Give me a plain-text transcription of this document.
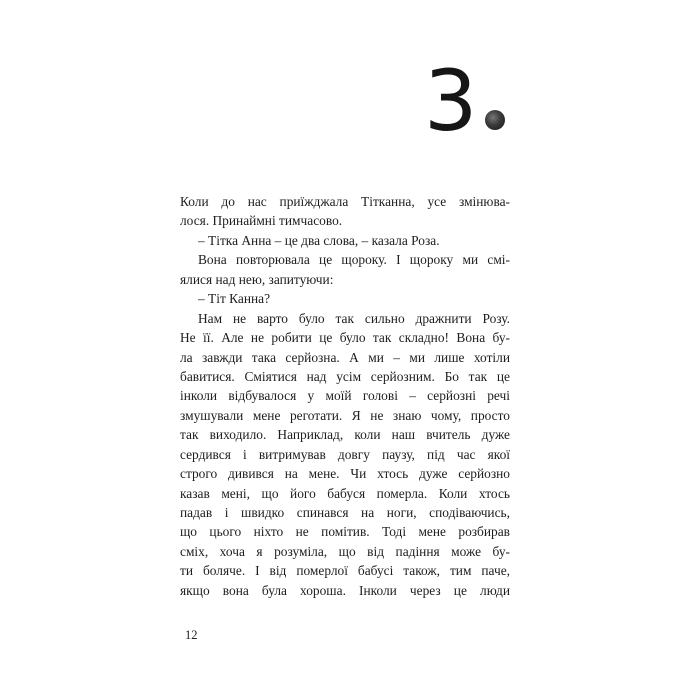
3
Коли до нас приїжджала Тітканна, усе змінюва-
лося. Принаймні тимчасово.
– Тітка Анна – це два слова, – казала Роза.
Вона повторювала це щороку. І щороку ми смі-
ялися над нею, запитуючи:
– Тіт Канна?
Нам не варто було так сильно дражнити Розу.
Не її. Але не робити це було так складно! Вона бу-
ла завжди така серйозна. А ми – ми лише хотіли
бавитися. Сміятися над усім серйозним. Бо так це
інколи відбувалося у моїй голові – серйозні речі
змушували мене реготати. Я не знаю чому, просто
так виходило. Наприклад, коли наш вчитель дуже
сердився і витримував довгу паузу, під час якої
строго дивився на мене. Чи хтось дуже серйозно
казав мені, що його бабуся померла. Коли хтось
падав і швидко спинався на ноги, сподіваючись,
що цього ніхто не помітив. Тоді мене розбирав
сміх, хоча я розуміла, що від падіння може бу-
ти боляче. І від померлої бабусі також, тим паче,
якщо вона була хороша. Інколи через це люди
12
